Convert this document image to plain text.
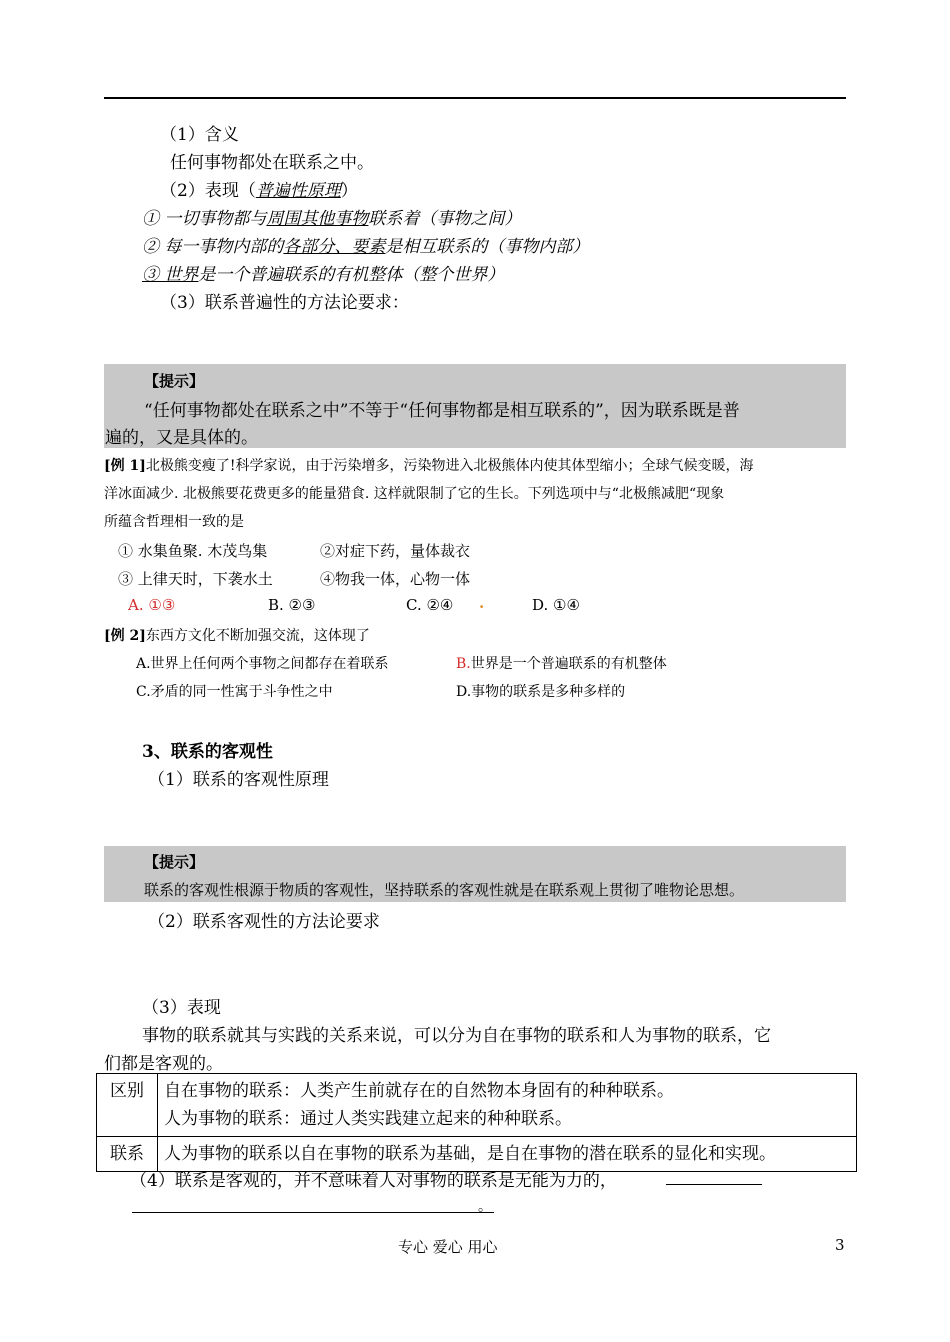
（1）含义
任何事物都处在联系之中。
（2）表现（普遍性原理）
① 一切事物都与周围其他事物联系着（事物之间）
② 每一事物内部的各部分、要素是相互联系的（事物内部）
③ 世界是一个普遍联系的有机整体（整个世界）
（3）联系普遍性的方法论要求：
【提示】
“任何事物都处在联系之中”不等于“任何事物都是相互联系的”，因为联系既是普
遍的，又是具体的。
[例 1]北极熊变瘦了!科学家说，由于污染增多，污染物进入北极熊体内使其体型缩小；全球气候变暖，海
洋冰面减少. 北极熊要花费更多的能量猎食. 这样就限制了它的生长。下列选项中与“北极熊减肥“现象
所蕴含哲理相一致的是
① 水集鱼聚. 木茂鸟集	②对症下药，量体裁衣
③ 上律天时，下袭水土	④物我一体，心物一体
A. ①③	B. ②③	C. ②④ .	D. ①④
[例 2]东西方文化不断加强交流，这体现了
A.世界上任何两个事物之间都存在着联系	B.世界是一个普遍联系的有机整体
C.矛盾的同一性寓于斗争性之中	D.事物的联系是多种多样的
3、联系的客观性
（1）联系的客观性原理
【提示】
联系的客观性根源于物质的客观性，坚持联系的客观性就是在联系观上贯彻了唯物论思想。
（2）联系客观性的方法论要求
（3）表现
事物的联系就其与实践的关系来说，可以分为自在事物的联系和人为事物的联系，它
们都是客观的。
区别	自在事物的联系：人类产生前就存在的自然物本身固有的种种联系。
人为事物的联系：通过人类实践建立起来的种种联系。

联系	人为事物的联系以自在事物的联系为基础，是自在事物的潜在联系的显化和实现。
（4）联系是客观的，并不意味着人对事物的联系是无能为力的，
。
专心 爱心 用心	3
